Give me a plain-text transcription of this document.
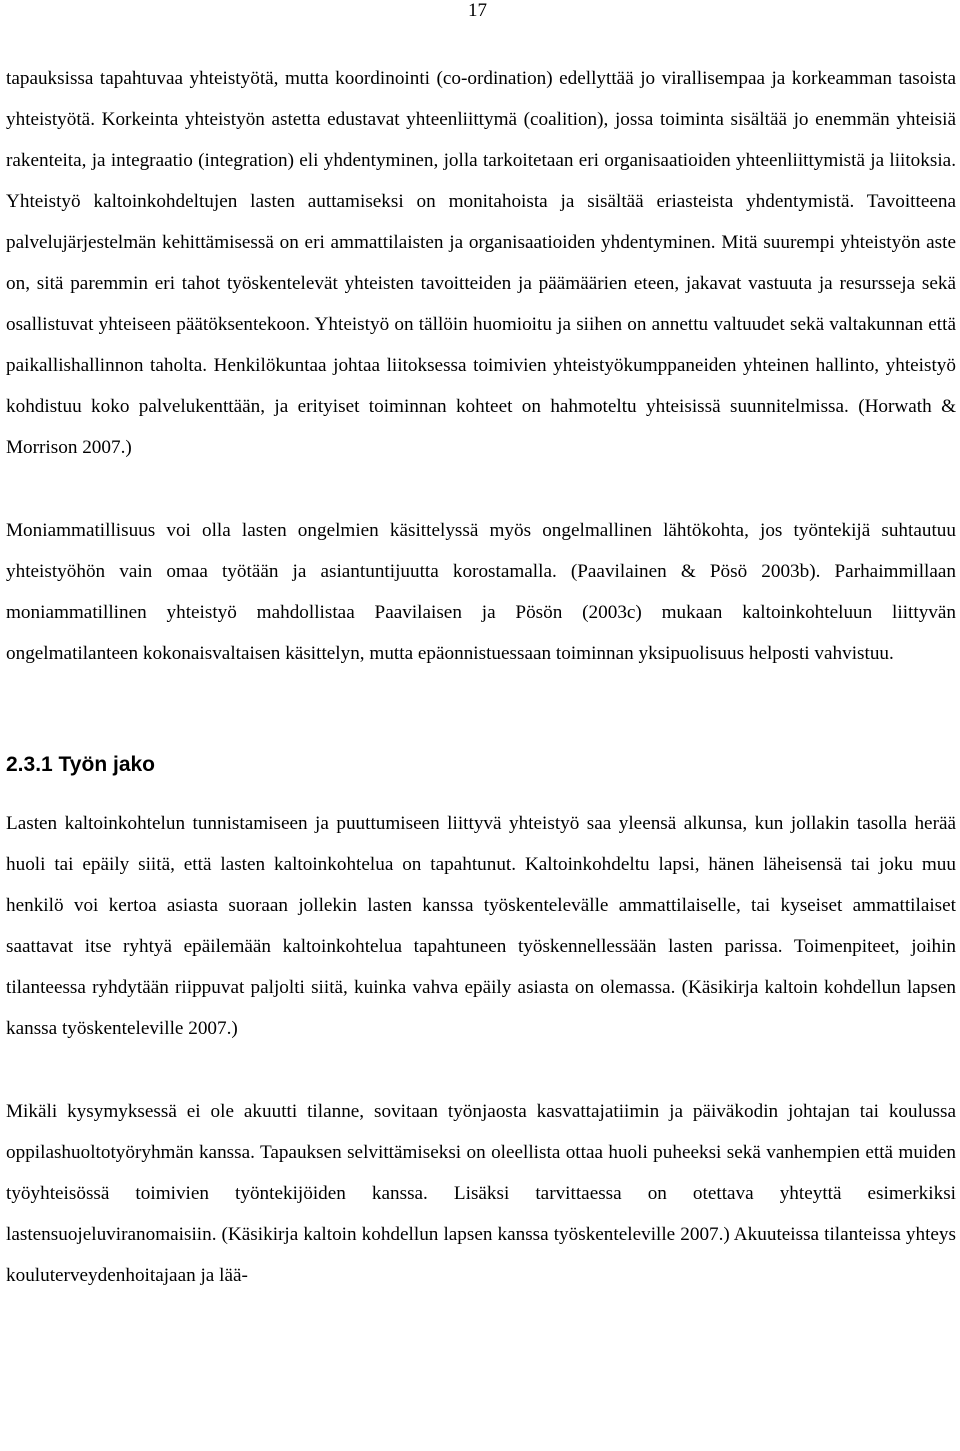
17

tapauksissa tapahtuvaa yhteistyötä, mutta koordinointi (co-ordination) edellyttää jo virallisempaa ja korkeamman tasoista yhteistyötä. Korkeinta yhteistyön astetta edustavat yhteenliittymä (coalition), jossa toiminta sisältää jo enemmän yhteisiä rakenteita, ja integraatio (integration) eli yhdentyminen, jolla tarkoitetaan eri organisaatioiden yhteenliittymistä ja liitoksia. Yhteistyö kaltoinkohdeltujen lasten auttamiseksi on monitahoista ja sisältää eriasteista yhdentymistä. Tavoitteena palvelujärjestelmän kehittämisessä on eri ammattilaisten ja organisaatioiden yhdentyminen. Mitä suurempi yhteistyön aste on, sitä paremmin eri tahot työskentelevät yhteisten tavoitteiden ja päämäärien eteen, jakavat vastuuta ja resursseja sekä osallistuvat yhteiseen päätöksentekoon. Yhteistyö on tällöin huomioitu ja siihen on annettu valtuudet sekä valtakunnan että paikallishallinnon taholta. Henkilökuntaa johtaa liitoksessa toimivien yhteistyökumppaneiden yhteinen hallinto, yhteistyö kohdistuu koko palvelukenttään, ja erityiset toiminnan kohteet on hahmoteltu yhteisissä suunnitelmissa. (Horwath & Morrison 2007.)

Moniammatillisuus voi olla lasten ongelmien käsittelyssä myös ongelmallinen lähtökohta, jos työntekijä suhtautuu yhteistyöhön vain omaa työtään ja asiantuntijuutta korostamalla. (Paavilainen & Pösö 2003b). Parhaimmillaan moniammatillinen yhteistyö mahdollistaa Paavilaisen ja Pösön (2003c) mukaan kaltoinkohteluun liittyvän ongelmatilanteen kokonaisvaltaisen käsittelyn, mutta epäonnistuessaan toiminnan yksipuolisuus helposti vahvistuu.

2.3.1 Työn jako

Lasten kaltoinkohtelun tunnistamiseen ja puuttumiseen liittyvä yhteistyö saa yleensä alkunsa, kun jollakin tasolla herää huoli tai epäily siitä, että lasten kaltoinkohtelua on tapahtunut. Kaltoinkohdeltu lapsi, hänen läheisensä tai joku muu henkilö voi kertoa asiasta suoraan jollekin lasten kanssa työskentelevälle ammattilaiselle, tai kyseiset ammattilaiset saattavat itse ryhtyä epäilemään kaltoinkohtelua tapahtuneen työskennellessään lasten parissa. Toimenpiteet, joihin tilanteessa ryhdytään riippuvat paljolti siitä, kuinka vahva epäily asiasta on olemassa. (Käsikirja kaltoin kohdellun lapsen kanssa työskenteleville 2007.)

Mikäli kysymyksessä ei ole akuutti tilanne, sovitaan työnjaosta kasvattajatiimin ja päiväkodin johtajan tai koulussa oppilashuoltotyöryhmän kanssa. Tapauksen selvittämiseksi on oleellista ottaa huoli puheeksi sekä vanhempien että muiden työyhteisössä toimivien työntekijöiden kanssa. Lisäksi tarvittaessa on otettava yhteyttä esimerkiksi lastensuojeluviranomaisiin. (Käsikirja kaltoin kohdellun lapsen kanssa työskenteleville 2007.) Akuuteissa tilanteissa yhteys kouluterveydenhoitajaan ja lää-
